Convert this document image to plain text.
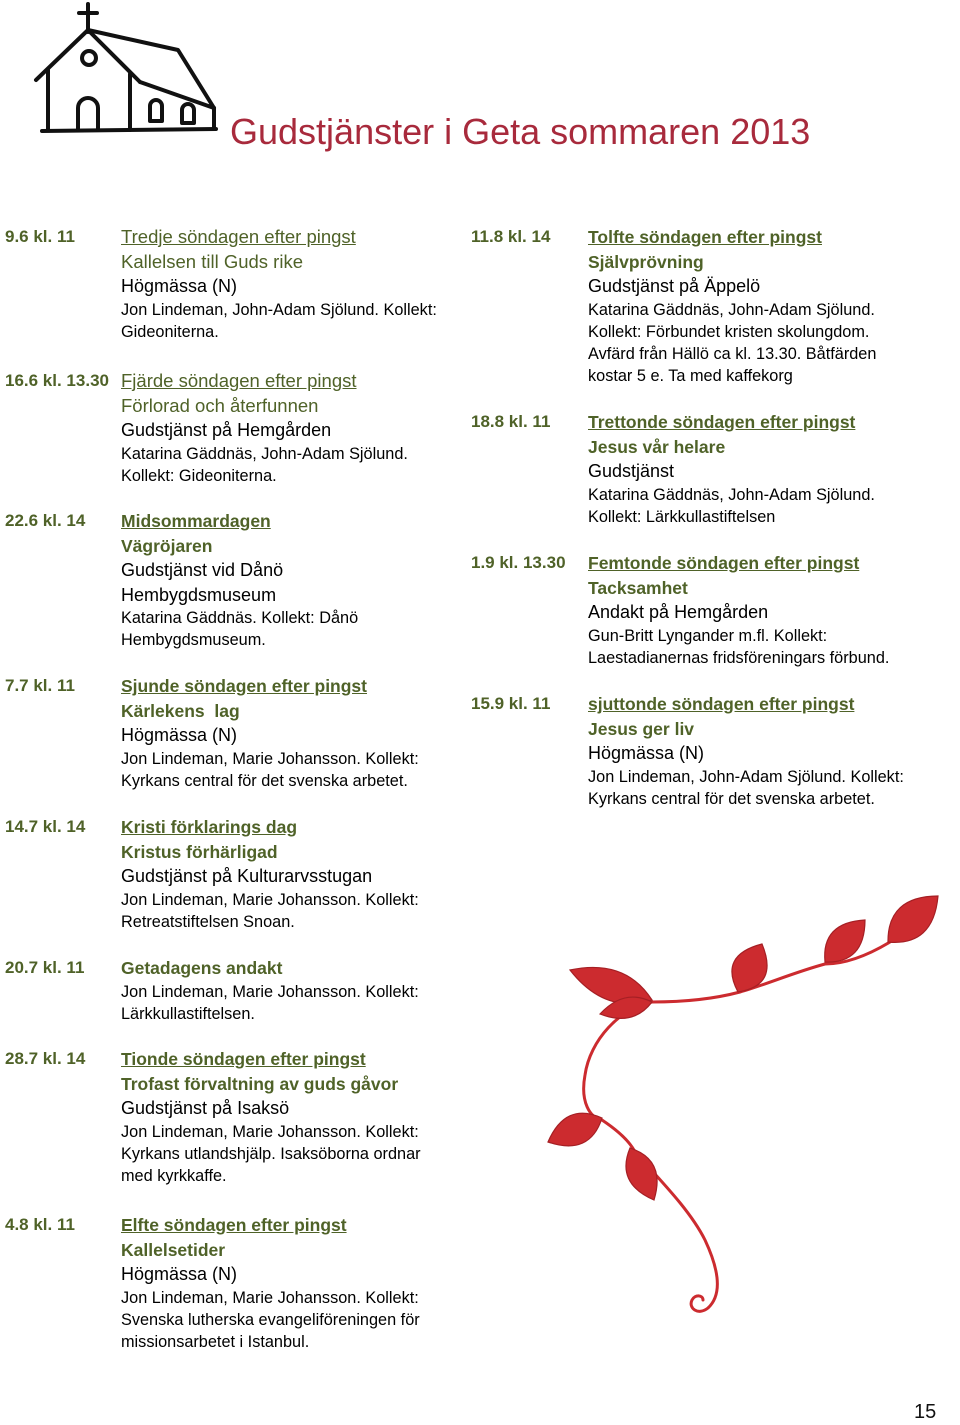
Gudstjänster i Geta sommaren 2013
9.6 kl. 11 Tredje söndagen efter pingst
Kallelsen till Guds rike
Högmässa (N)
Jon Lindeman, John-Adam Sjölund. Kollekt:
Gideoniterna.
16.6 kl. 13.30 Fjärde söndagen efter pingst
Förlorad och återfunnen
Gudstjänst på Hemgården
Katarina Gäddnäs, John-Adam Sjölund.
Kollekt: Gideoniterna.
22.6 kl. 14 Midsommardagen
Vägröjaren
Gudstjänst vid Dånö
Hembygdsmuseum
Katarina Gäddnäs. Kollekt: Dånö
Hembygdsmuseum.
7.7 kl. 11	Sjunde söndagen efter pingst
Kärlekens  lag
Högmässa (N)
Jon Lindeman, Marie Johansson. Kollekt:
Kyrkans central för det svenska arbetet.
14.7 kl. 14 Kristi förklarings dag
Kristus förhärligad
Gudstjänst på Kulturarvsstugan
Jon Lindeman, Marie Johansson. Kollekt:
Retreatstiftelsen Snoan.
20.7 kl. 11 Getadagens andakt
Jon Lindeman, Marie Johansson. Kollekt:
Lärkkullastiftelsen.
28.7 kl. 14 Tionde söndagen efter pingst
Trofast förvaltning av guds gåvor
Gudstjänst på Isaksö
Jon Lindeman, Marie Johansson. Kollekt:
Kyrkans utlandshjälp. Isaksöborna ordnar
med kyrkkaffe.
4.8 kl. 11	Elfte söndagen efter pingst
Kallelsetider
Högmässa (N)
Jon Lindeman, Marie Johansson. Kollekt:
Svenska lutherska evangeliföreningen för
missionsarbetet i Istanbul.
11.8 kl. 14 Tolfte söndagen efter pingst
Självprövning
Gudstjänst på Äppelö
Katarina Gäddnäs, John-Adam Sjölund.
Kollekt: Förbundet kristen skolungdom.
Avfärd från Hällö ca kl. 13.30. Båtfärden
kostar 5 e. Ta med kaffekorg
18.8 kl. 11 Trettonde söndagen efter pingst
Jesus vår helare
Gudstjänst
Katarina Gäddnäs, John-Adam Sjölund.
Kollekt: Lärkkullastiftelsen
1.9 kl. 13.30 Femtonde söndagen efter pingst
Tacksamhet
Andakt på Hemgården
Gun-Britt Lyngander m.fl. Kollekt:
Laestadianernas fridsföreningars förbund.
15.9 kl. 11 sjuttonde söndagen efter pingst
Jesus ger liv
Högmässa (N)
Jon Lindeman, John-Adam Sjölund. Kollekt:
Kyrkans central för det svenska arbetet.
15
